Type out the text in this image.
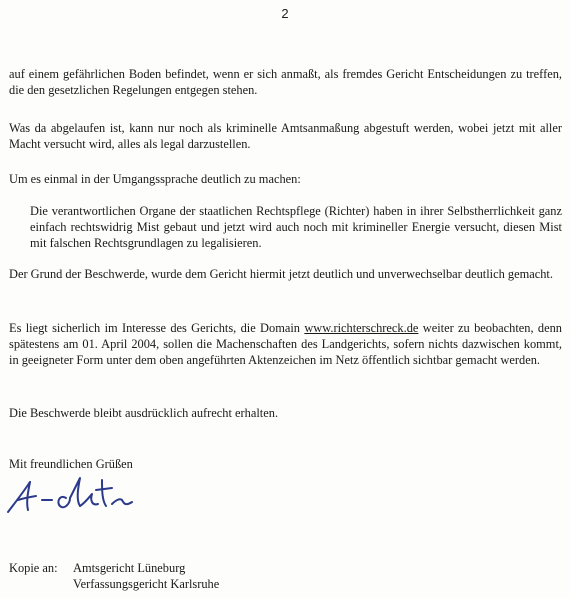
2

auf einem gefährlichen Boden befindet, wenn er sich anmaßt, als fremdes Gericht Entscheidungen zu treffen, die den gesetzlichen Regelungen entgegen stehen.

Was da abgelaufen ist, kann nur noch als kriminelle Amtsanmaßung abgestuft werden, wobei jetzt mit aller Macht versucht wird, alles als legal darzustellen.

Um es einmal in der Umgangssprache deutlich zu machen:

Die verantwortlichen Organe der staatlichen Rechtspflege (Richter) haben in ihrer Selbstherrlichkeit ganz einfach rechtswidrig Mist gebaut und jetzt wird auch noch mit krimineller Energie versucht, diesen Mist mit falschen Rechtsgrundlagen zu legalisieren.

Der Grund der Beschwerde, wurde dem Gericht hiermit jetzt deutlich und unverwechselbar deutlich gemacht.

Es liegt sicherlich im Interesse des Gerichts, die Domain www.richterschreck.de weiter zu beobachten, denn spätestens am 01. April 2004, sollen die Machenschaften des Landgerichts, sofern nichts dazwischen kommt, in geeigneter Form unter dem oben angeführten Aktenzeichen im Netz öffentlich sichtbar gemacht werden.

Die Beschwerde bleibt ausdrücklich aufrecht erhalten.

Mit freundlichen Grüßen

Kopie an: Amtsgericht Lüneburg
Verfassungsgericht Karlsruhe
